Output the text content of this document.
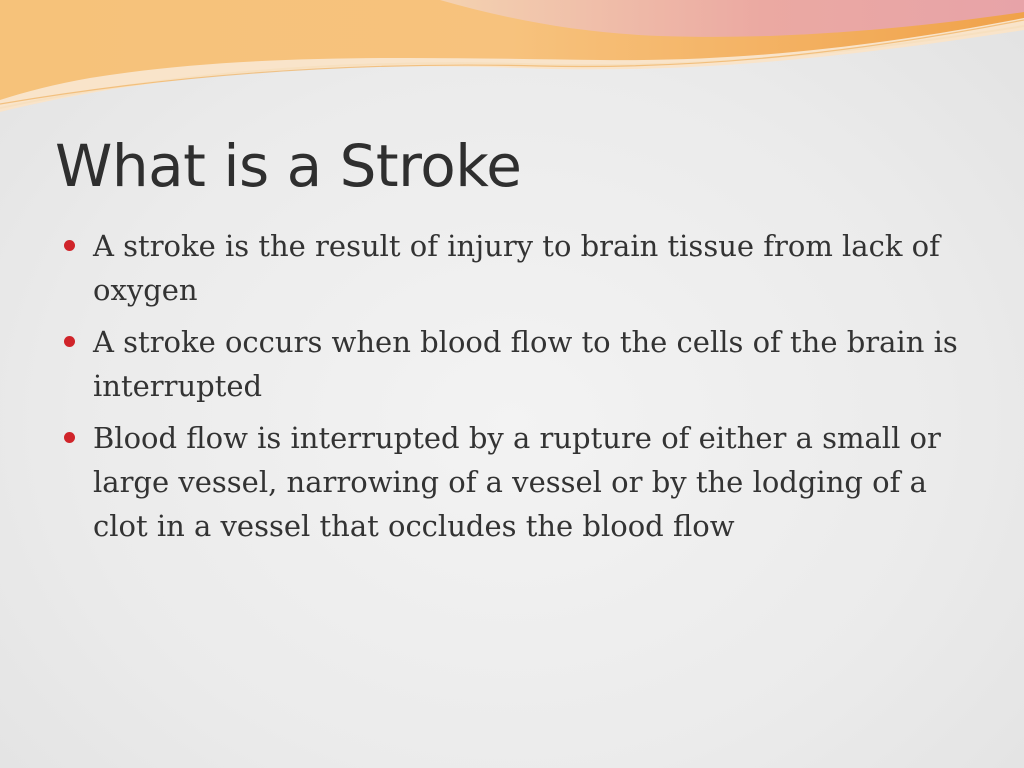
What is a Stroke
A stroke is the result of injury to brain tissue from lack of oxygen
A stroke occurs when blood flow to the cells of the brain is interrupted
Blood flow is interrupted by a rupture of either a small or large vessel, narrowing of a vessel or by the lodging of a clot in a vessel that occludes the blood flow
